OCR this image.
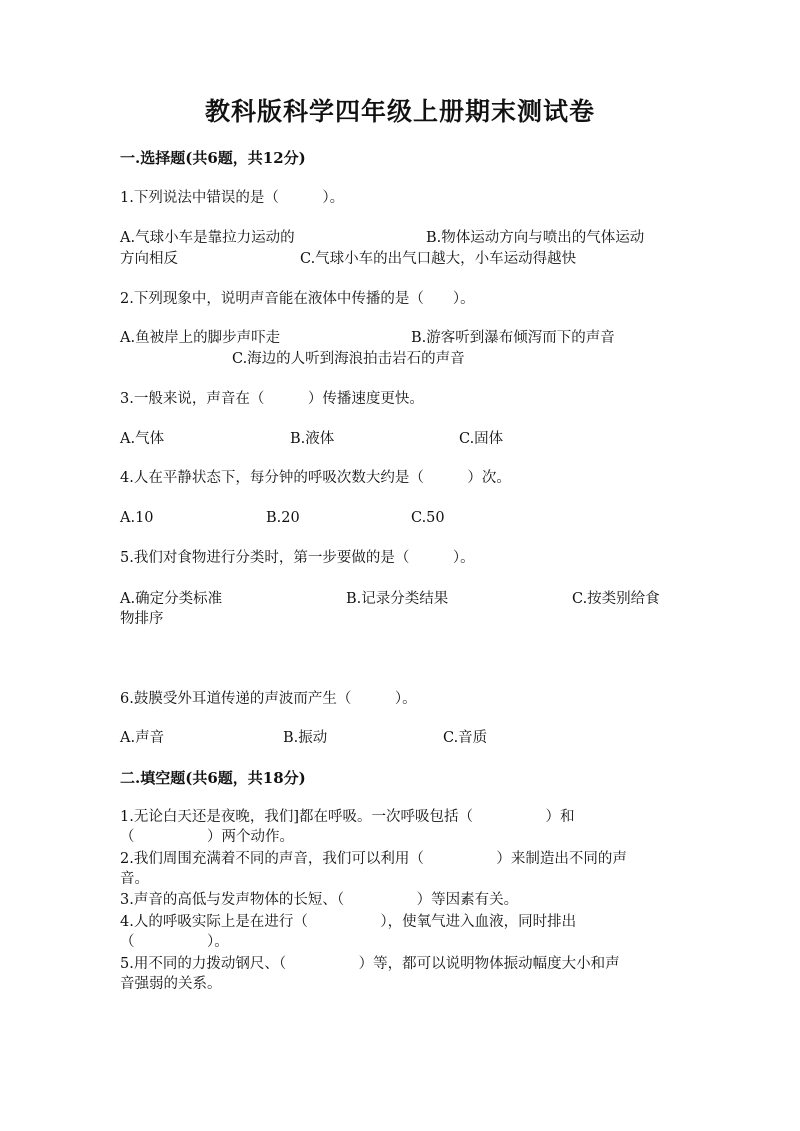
教科版科学四年级上册期末测试卷
一.选择题(共6题，共12分)
1.下列说法中错误的是（　　　）。
A.气球小车是靠拉力运动的	B.物体运动方向与喷出的气体运动
方向相反	C.气球小车的出气口越大，小车运动得越快
2.下列现象中，说明声音能在液体中传播的是（　　）。
A.鱼被岸上的脚步声吓走	B.游客听到瀑布倾泻而下的声音
C.海边的人听到海浪拍击岩石的声音
3.一般来说，声音在（　　　）传播速度更快。
A.气体	B.液体	C.固体
4.人在平静状态下，每分钟的呼吸次数大约是（　　　）次。
A.10	B.20	C.50
5.我们对食物进行分类时，第一步要做的是（　　　）。
A.确定分类标准	B.记录分类结果	C.按类别给食
物排序
6.鼓膜受外耳道传递的声波而产生（　　　）。
A.声音	B.振动	C.音质
二.填空题(共6题，共18分)
1.无论白天还是夜晚，我们]都在呼吸。一次呼吸包括（　　　　　）和
（　　　　　）两个动作。
2.我们周围充满着不同的声音，我们可以利用（　　　　　）来制造出不同的声
音。
3.声音的高低与发声物体的长短、（　　　　　）等因素有关。
4.人的呼吸实际上是在进行（　　　　　），使氧气进入血液，同时排出
（　　　　　）。
5.用不同的力拨动钢尺、（　　　　　）等，都可以说明物体振动幅度大小和声
音强弱的关系。
